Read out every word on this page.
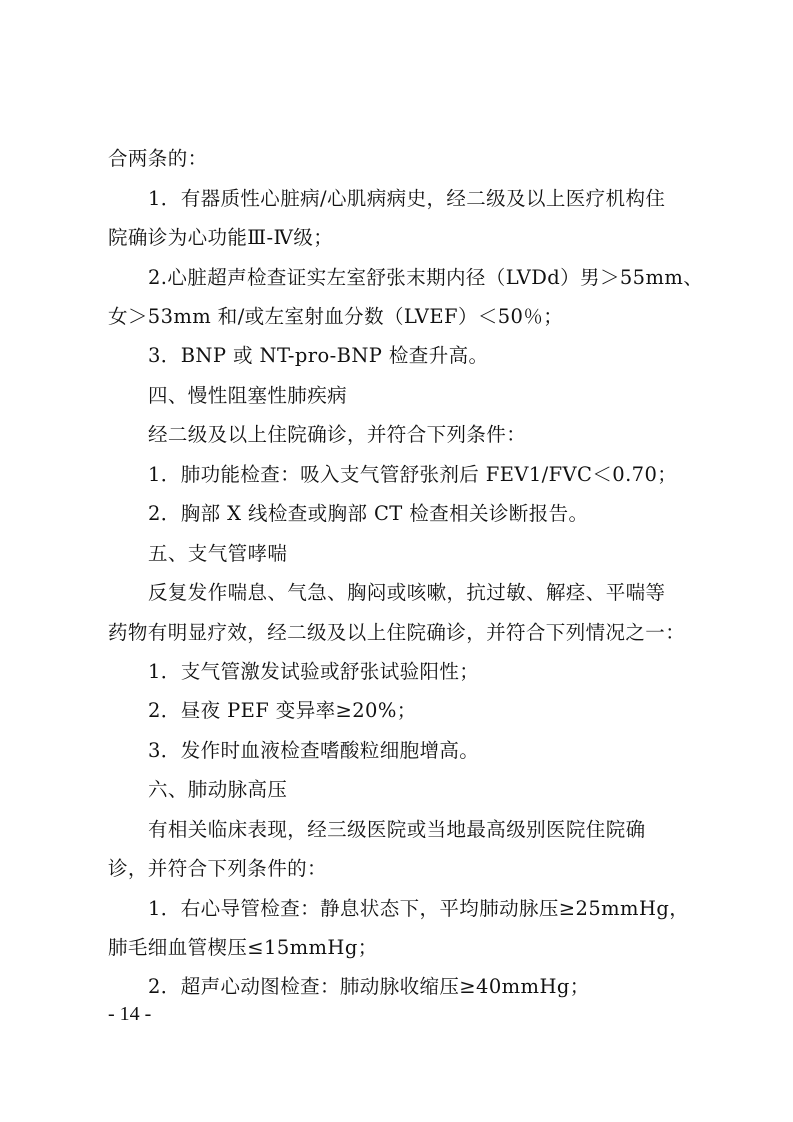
合两条的：
1．有器质性心脏病/心肌病病史，经二级及以上医疗机构住
院确诊为心功能Ⅲ-Ⅳ级；
2.心脏超声检查证实左室舒张末期内径（LVDd）男＞55mm、
女＞53mm 和/或左室射血分数（LVEF）＜50％；
3．BNP 或 NT-pro-BNP 检查升高。
四、慢性阻塞性肺疾病
经二级及以上住院确诊，并符合下列条件：
1．肺功能检查：吸入支气管舒张剂后 FEV1/FVC＜0.70；
2．胸部 X 线检查或胸部 CT 检查相关诊断报告。
五、支气管哮喘
反复发作喘息、气急、胸闷或咳嗽，抗过敏、解痉、平喘等
药物有明显疗效，经二级及以上住院确诊，并符合下列情况之一：
1．支气管激发试验或舒张试验阳性；
2．昼夜 PEF 变异率≥20%；
3．发作时血液检查嗜酸粒细胞增高。
六、肺动脉高压
有相关临床表现，经三级医院或当地最高级别医院住院确
诊，并符合下列条件的：
1．右心导管检查：静息状态下，平均肺动脉压≥25mmHg，
肺毛细血管楔压≤15mmHg；
2．超声心动图检查：肺动脉收缩压≥40mmHg；
- 14 -
